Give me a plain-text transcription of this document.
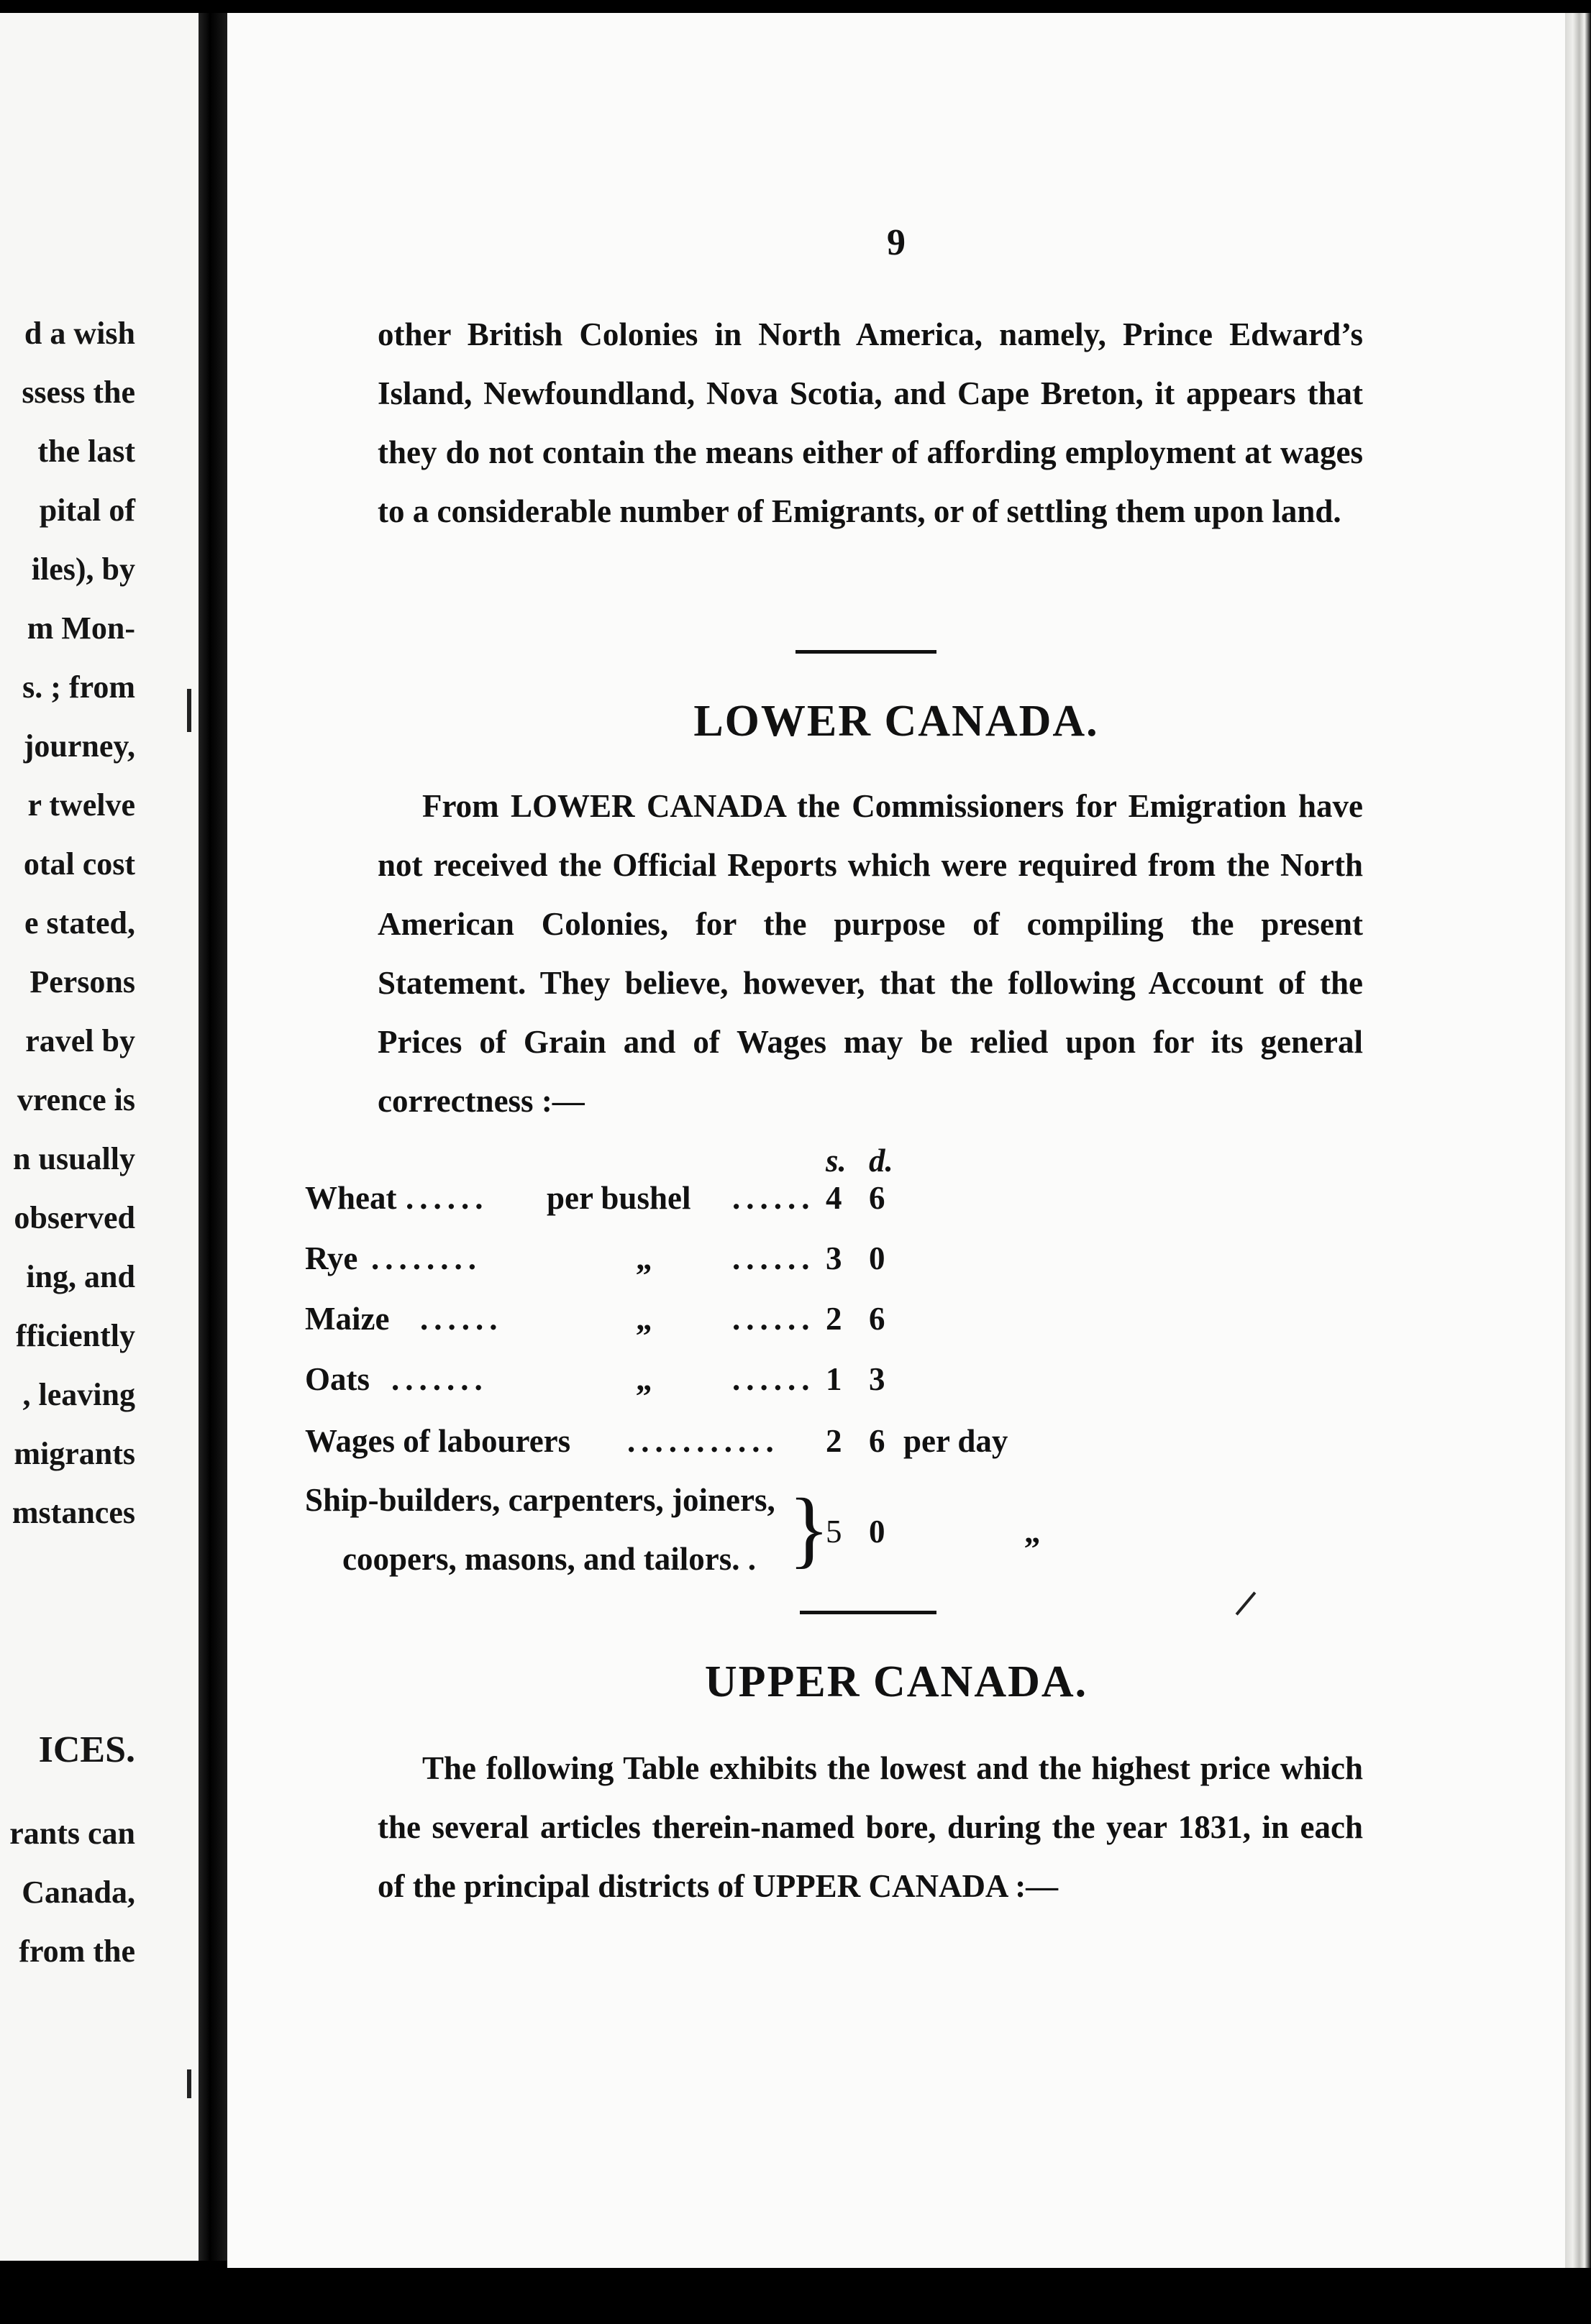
d a wish
ssess the
the last
pital of
iles), by
m Mon-
s. ; from
journey,
r twelve
otal cost
e stated,
Persons
ravel by
vrence is
n usually
observed
ing, and
fficiently
, leaving
migrants
mstances
ICES.
rants can
Canada,
from the

9

other British Colonies in North America, namely, Prince Edward’s Island, Newfoundland, Nova Scotia, and Cape Breton, it appears that they do not contain the means either of affording employment at wages to a considerable number of Emigrants, or of settling them upon land.

LOWER CANADA.

From LOWER CANADA the Commissioners for Emigration have not received the Official Reports which were required from the North American Colonies, for the purpose of compiling the present Statement. They believe, however, that the following Account of the Prices of Grain and of Wages may be relied upon for its general correctness :—

s. d.
Wheat ...... per bushel ...... 4 6
Rye ........	„ ...... 3 0
Maize ......	„ ...... 2 6
Oats .......	„ ...... 1 3
Wages of labourers ........... 2 6 per day
Ship-builders, carpenters, joiners,
coopers, masons, and tailors. . }
5 0	„
UPPER CANADA.

The following Table exhibits the lowest and the highest price which the several articles therein-named bore, during the year 1831, in each of the principal districts of UPPER CANADA :—
